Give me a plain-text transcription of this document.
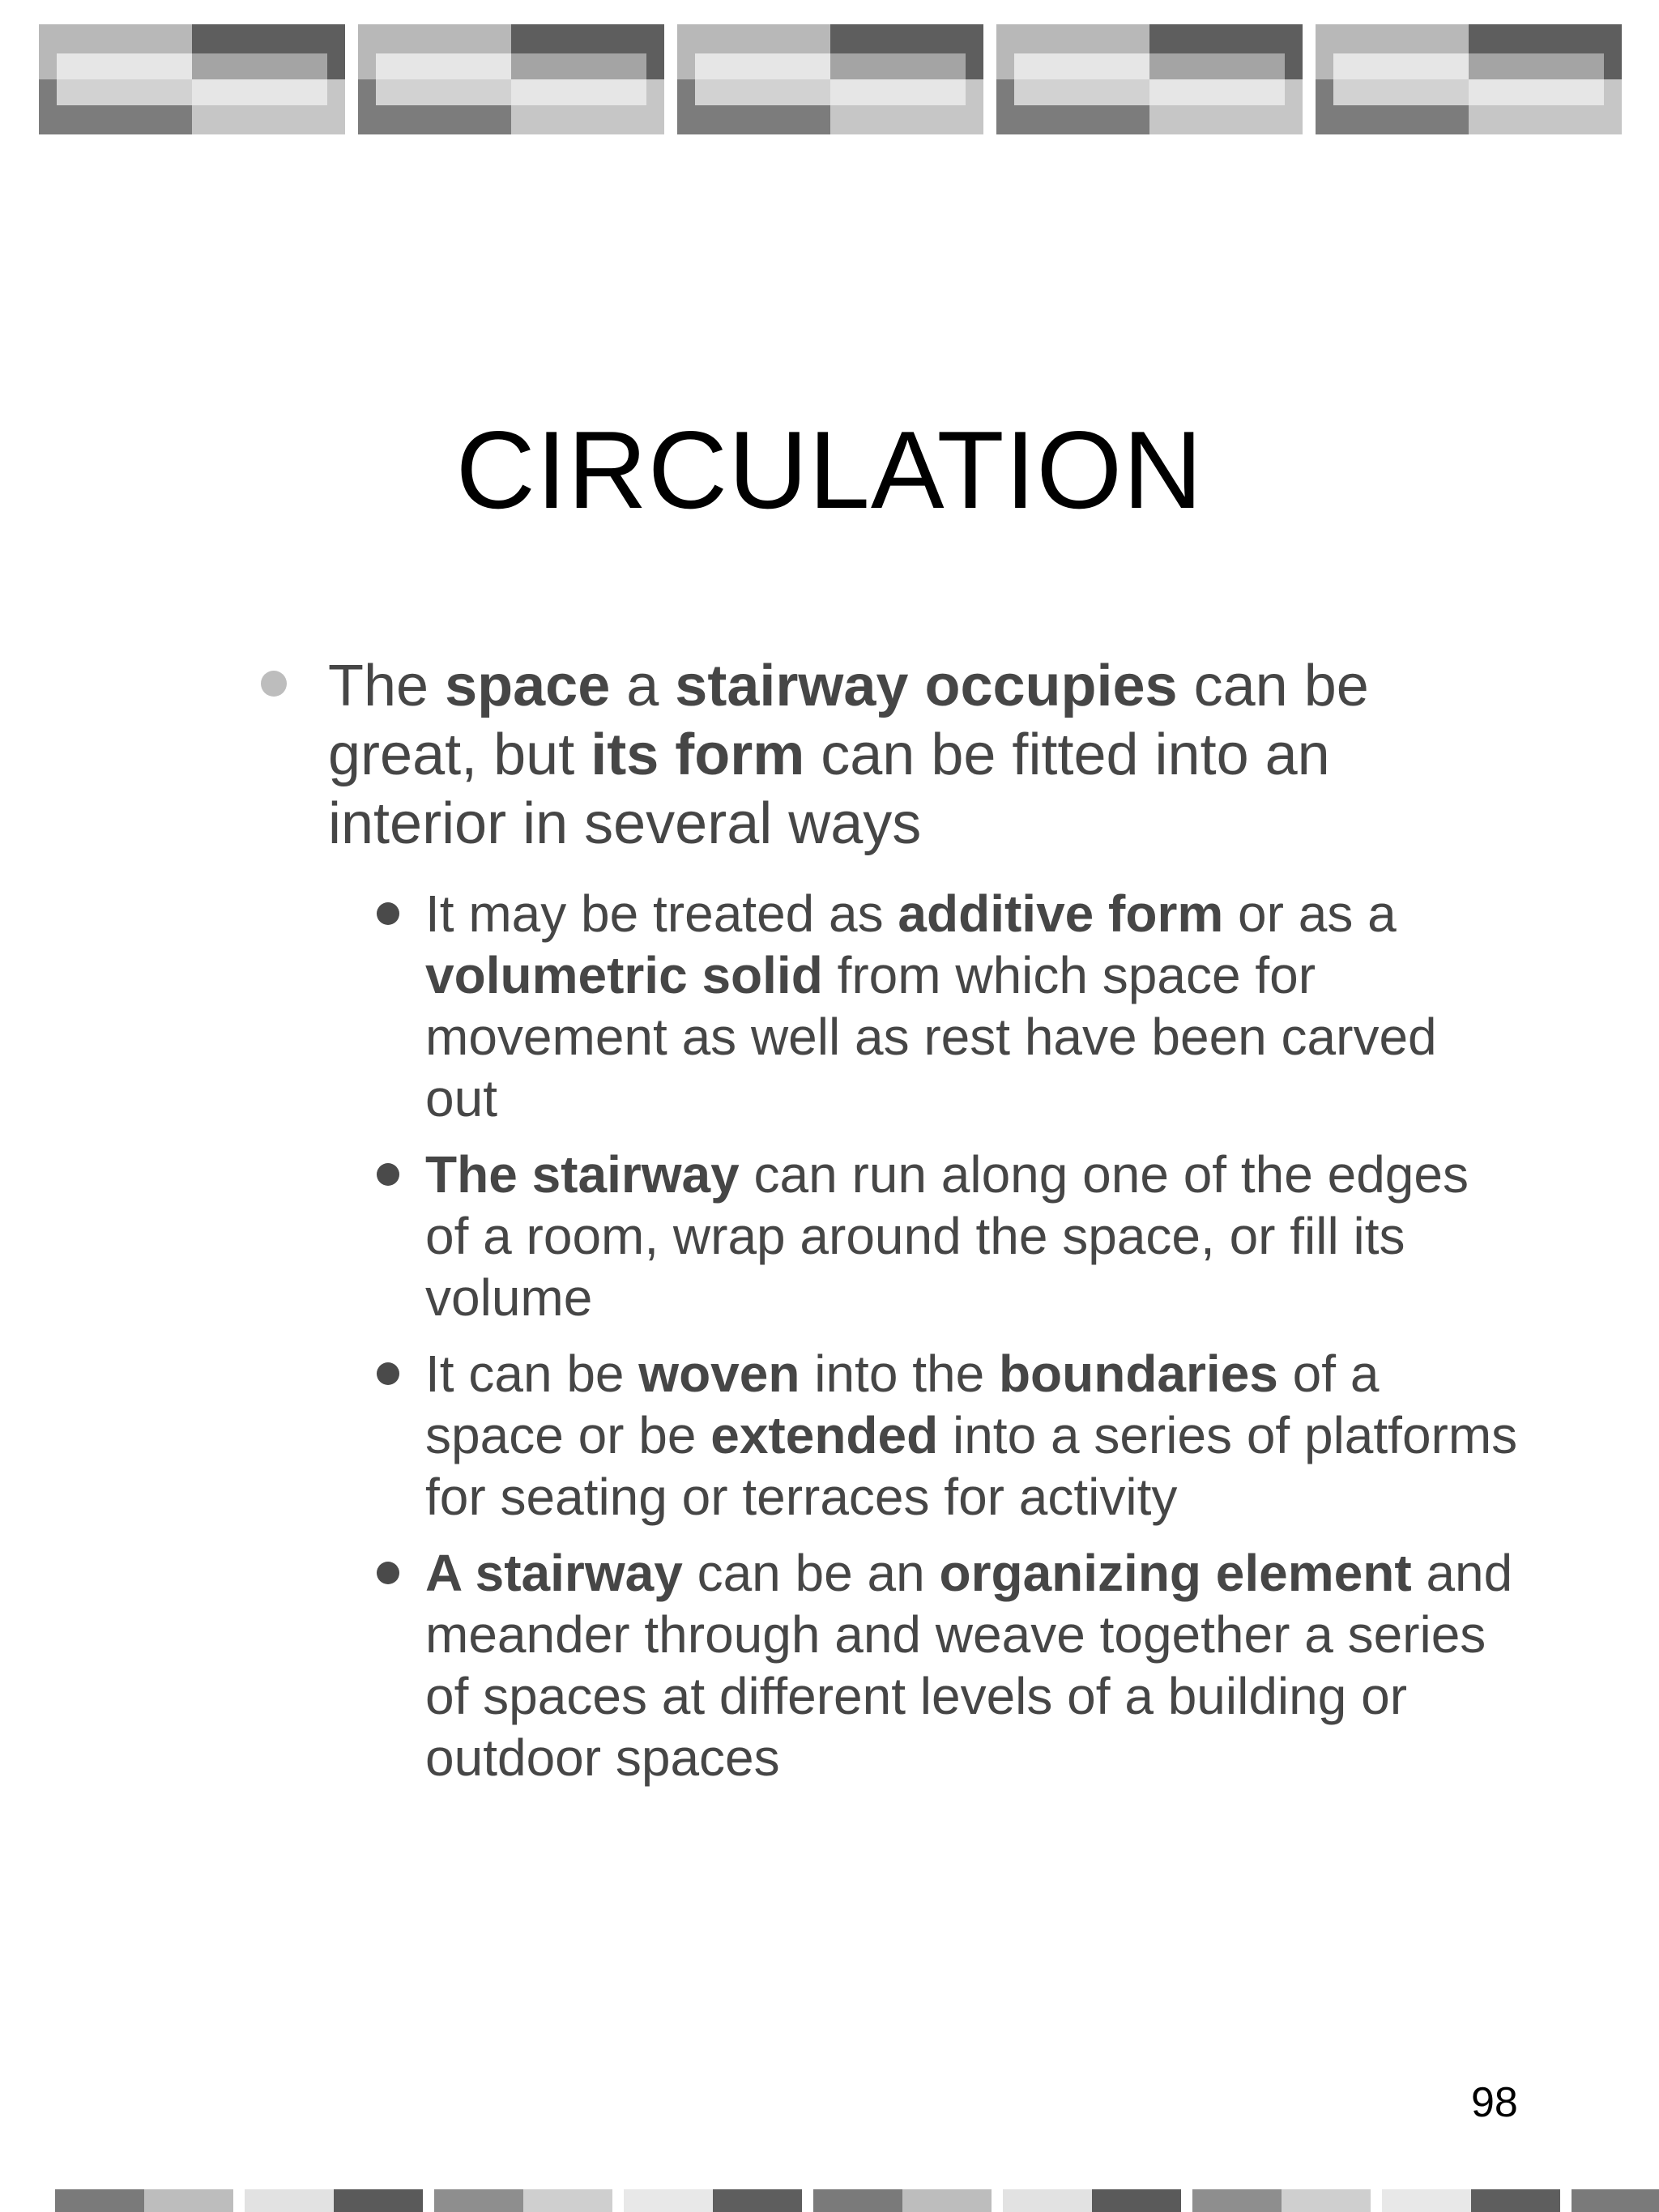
CIRCULATION
The space a stairway occupies can be great, but its form can be fitted into an interior in several ways
It may be treated as additive form or as a volumetric solid from which space for movement as well as rest have been carved out
The stairway can run along one of the edges of a room, wrap around the space, or fill its volume
It can be woven into the boundaries of a space or be extended into a series of platforms for seating or terraces for activity
A stairway can be an organizing element and meander through and weave together a series of spaces at different levels of a building or outdoor spaces
98
